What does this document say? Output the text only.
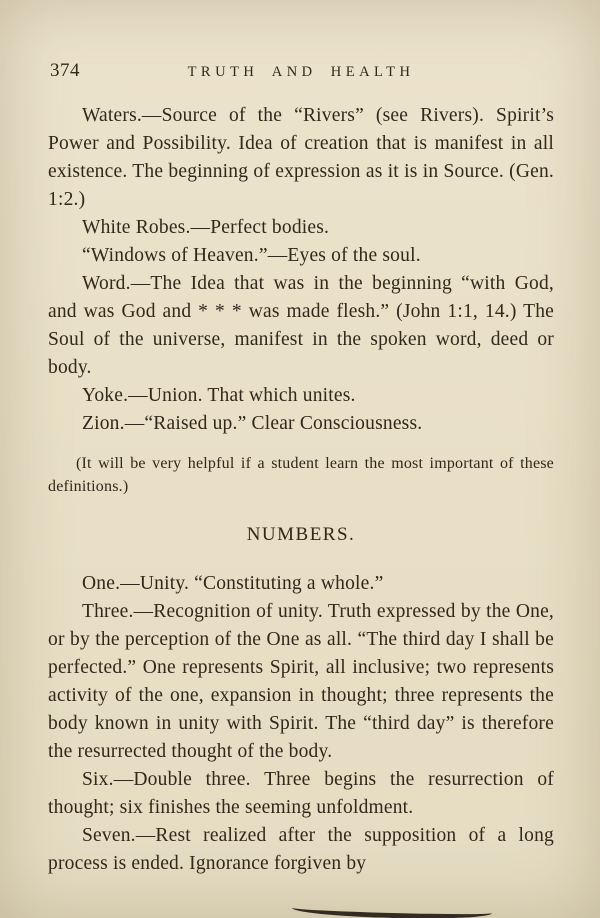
374	TRUTH AND HEALTH

Waters.—Source of the “Rivers” (see Rivers). Spirit’s Power and Possibility. Idea of creation that is manifest in all existence. The beginning of expression as it is in Source. (Gen. 1:2.)

White Robes.—Perfect bodies.

“Windows of Heaven.”—Eyes of the soul.

Word.—The Idea that was in the beginning “with God, and was God and * * * was made flesh.” (John 1:1, 14.) The Soul of the universe, manifest in the spoken word, deed or body.

Yoke.—Union. That which unites.

Zion.—“Raised up.” Clear Consciousness.

(It will be very helpful if a student learn the most important of these definitions.)

NUMBERS.

One.—Unity. “Constituting a whole.”

Three.—Recognition of unity. Truth expressed by the One, or by the perception of the One as all. “The third day I shall be perfected.” One represents Spirit, all inclusive; two represents activity of the one, expansion in thought; three represents the body known in unity with Spirit. The “third day” is therefore the resurrected thought of the body.

Six.—Double three. Three begins the resurrection of thought; six finishes the seeming unfoldment.

Seven.—Rest realized after the supposition of a long process is ended. Ignorance forgiven by
